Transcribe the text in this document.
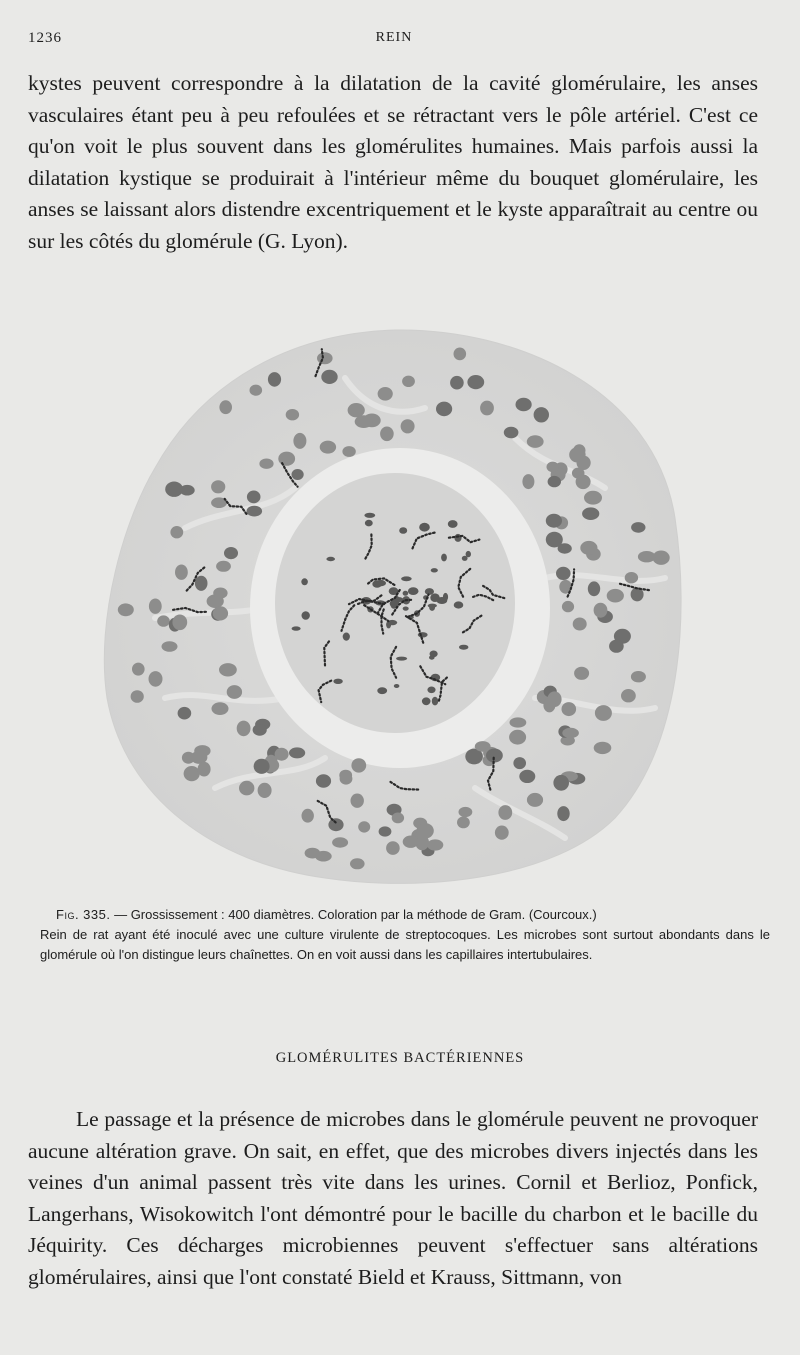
1236	REIN

kystes peuvent correspondre à la dilatation de la cavité glomérulaire, les anses vasculaires étant peu à peu refoulées et se rétractant vers le pôle artériel. C'est ce qu'on voit le plus souvent dans les glomérulites humaines. Mais parfois aussi la dilatation kystique se produirait à l'intérieur même du bouquet glomérulaire, les anses se laissant alors distendre excentriquement et le kyste apparaîtrait au centre ou sur les côtés du glomérule (G. Lyon).

Fig. 335. — Grossissement : 400 diamètres. Coloration par la méthode de Gram. (Courcoux.)
Rein de rat ayant été inoculé avec une culture virulente de streptocoques. Les microbes sont surtout abondants dans le glomérule où l'on distingue leurs chaînettes. On en voit aussi dans les capillaires intertubulaires.
GLOMÉRULITES BACTÉRIENNES

Le passage et la présence de microbes dans le glomérule peuvent ne provoquer aucune altération grave. On sait, en effet, que des microbes divers injectés dans les veines d'un animal passent très vite dans les urines. Cornil et Berlioz, Ponfick, Langerhans, Wisokowitch l'ont démontré pour le bacille du charbon et le bacille du Jéquirity. Ces décharges microbiennes peuvent s'effectuer sans altérations glomérulaires, ainsi que l'ont constaté Bield et Krauss, Sittmann, von
